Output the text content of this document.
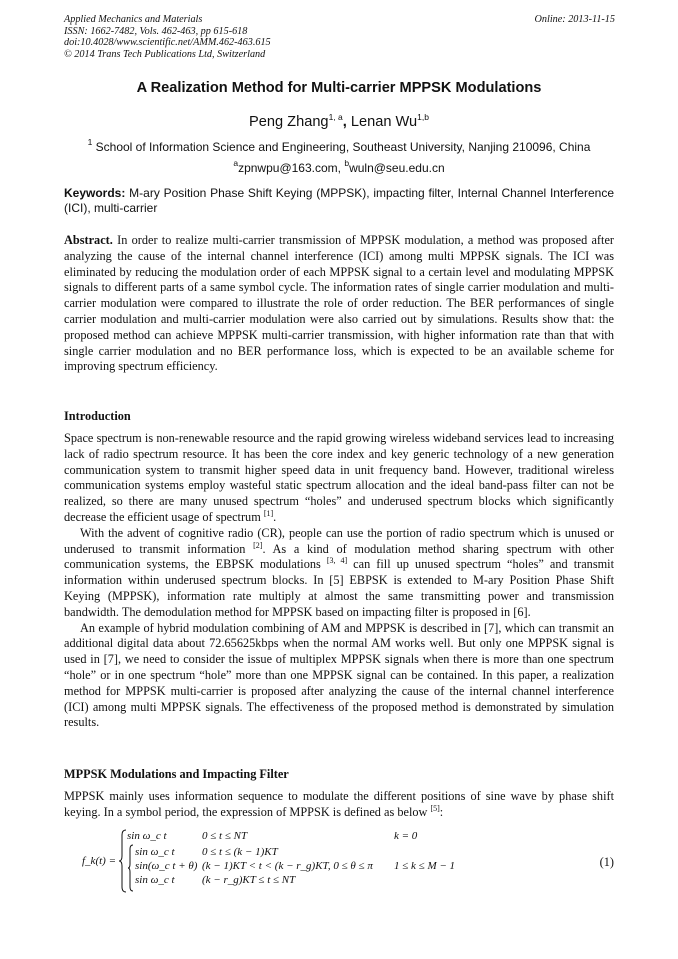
Applied Mechanics and Materials
ISSN: 1662-7482, Vols. 462-463, pp 615-618
doi:10.4028/www.scientific.net/AMM.462-463.615
© 2014 Trans Tech Publications Ltd, Switzerland
Online: 2013-11-15
A Realization Method for Multi-carrier MPPSK Modulations
Peng Zhang$^{1, a}$, Lenan Wu$^{1,b}$
$^1$ School of Information Science and Engineering, Southeast University, Nanjing 210096, China
$^a$zpnwpu@163.com, $^b$wuln@seu.edu.cn
Keywords: M-ary Position Phase Shift Keying (MPPSK), impacting filter, Internal Channel Interference (ICI), multi-carrier

Abstract. In order to realize multi-carrier transmission of MPPSK modulation, a method was proposed after analyzing the cause of the internal channel interference (ICI) among multi MPPSK signals. The ICI was eliminated by reducing the modulation order of each MPPSK signal to a certain level and modulating MPPSK signals to different parts of a same symbol cycle. The information rates of single carrier modulation and multi-carrier modulation were compared to illustrate the role of order reduction. The BER performances of single carrier modulation and multi-carrier modulation were also carried out by simulations. Results show that: the proposed method can achieve MPPSK multi-carrier transmission, with higher information rate than that with single carrier modulation and no BER performance loss, which is expected to be an available scheme for improving spectrum efficiency.

Introduction

Space spectrum is non-renewable resource and the rapid growing wireless wideband services lead to increasing lack of radio spectrum resource. It has been the core index and key generic technology of a new generation communication system to transmit higher speed data in unit frequency band. However, traditional wireless communication systems employ wasteful static spectrum allocation and the ideal band-pass filter can not be realized, so there are many unused spectrum “holes” and underused spectrum blocks which significantly decrease the efficient usage of spectrum [1].

With the advent of cognitive radio (CR), people can use the portion of radio spectrum which is unused or underused to transmit information [2]. As a kind of modulation method sharing spectrum with other communication systems, the EBPSK modulations [3, 4] can fill up unused spectrum “holes” and transmit information within underused spectrum blocks. In [5] EBPSK is extended to M-ary Position Phase Shift Keying (MPPSK), information rate multiply at almost the same transmitting power and transmission bandwidth. The demodulation method for MPPSK based on impacting filter is proposed in [6].

An example of hybrid modulation combining of AM and MPPSK is described in [7], which can transmit an additional digital data about 72.65625kbps when the normal AM works well. But only one MPPSK signal is used in [7], we need to consider the issue of multiplex MPPSK signals when there is more than one spectrum “hole” or in one spectrum “hole” more than one MPPSK signal can be contained. In this paper, a realization method for MPPSK multi-carrier is proposed after analyzing the cause of the internal channel interference (ICI) among multi MPPSK signals. The effectiveness of the proposed method is demonstrated by simulation results.

MPPSK Modulations and Impacting Filter

MPPSK mainly uses information sequence to modulate the different positions of sine wave by phase shift keying. In a symbol period, the expression of MPPSK is defined as below [5]:

f_k(t) =
sin ω_c t	0 ≤ t ≤ NT	k = 0
sin ω_c t 0 ≤ t ≤ (k − 1)KT
sin(ω_c t + θ) (k − 1)KT < t < (k − r_g)KT, 0 ≤ θ ≤ π 1 ≤ k ≤ M − 1
sin ω_c t (k − r_g)KT ≤ t ≤ NT
(1)
